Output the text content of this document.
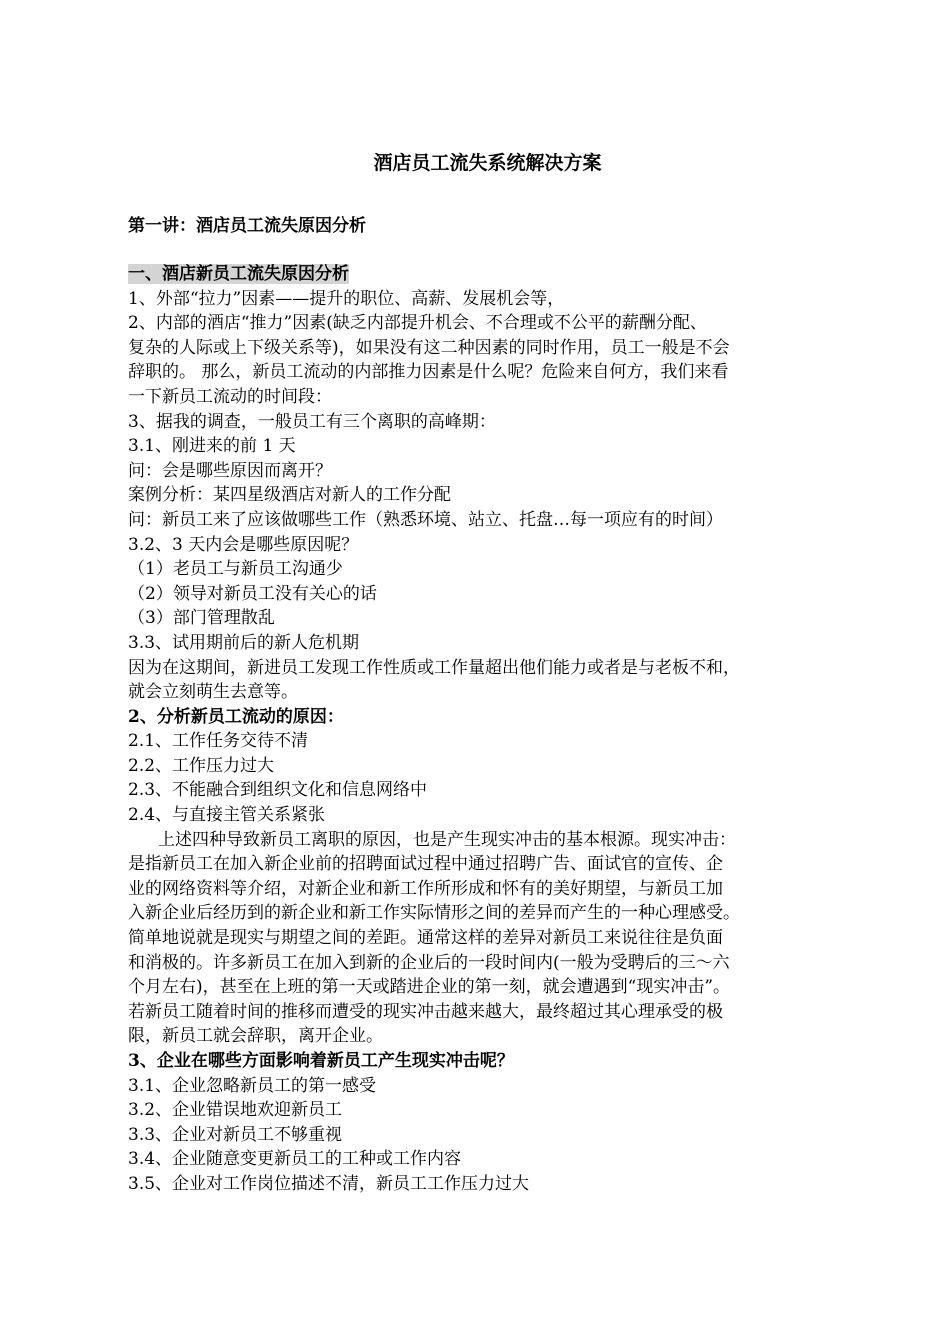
酒店员工流失系统解决方案
第一讲：酒店员工流失原因分析

一、酒店新员工流失原因分析

1、外部“拉力”因素——提升的职位、高薪、发展机会等，

2、内部的酒店“推力”因素(缺乏内部提升机会、不合理或不公平的薪酬分配、

复杂的人际或上下级关系等)，如果没有这二种因素的同时作用，员工一般是不会

辞职的。 那么，新员工流动的内部推力因素是什么呢？危险来自何方，我们来看

一下新员工流动的时间段：

3、据我的调查，一般员工有三个离职的高峰期：

3.1、刚进来的前 1 天

问：会是哪些原因而离开？

案例分析：某四星级酒店对新人的工作分配

问：新员工来了应该做哪些工作（熟悉环境、站立、托盘…每一项应有的时间）

3.2、3 天内会是哪些原因呢？

（1）老员工与新员工沟通少

（2）领导对新员工没有关心的话

（3）部门管理散乱

3.3、试用期前后的新人危机期

因为在这期间，新进员工发现工作性质或工作量超出他们能力或者是与老板不和，

就会立刻萌生去意等。

2、分析新员工流动的原因：

2.1、工作任务交待不清

2.2、工作压力过大

2.3、不能融合到组织文化和信息网络中

2.4、与直接主管关系紧张

上述四种导致新员工离职的原因，也是产生现实冲击的基本根源。现实冲击：

是指新员工在加入新企业前的招聘面试过程中通过招聘广告、面试官的宣传、企

业的网络资料等介绍，对新企业和新工作所形成和怀有的美好期望，与新员工加

入新企业后经历到的新企业和新工作实际情形之间的差异而产生的一种心理感受。

简单地说就是现实与期望之间的差距。通常这样的差异对新员工来说往往是负面

和消极的。许多新员工在加入到新的企业后的一段时间内(一般为受聘后的三～六

个月左右)，甚至在上班的第一天或踏进企业的第一刻，就会遭遇到“现实冲击”。

若新员工随着时间的推移而遭受的现实冲击越来越大，最终超过其心理承受的极

限，新员工就会辞职，离开企业。

3、企业在哪些方面影响着新员工产生现实冲击呢？

3.1、企业忽略新员工的第一感受

3.2、企业错误地欢迎新员工

3.3、企业对新员工不够重视

3.4、企业随意变更新员工的工种或工作内容

3.5、企业对工作岗位描述不清，新员工工作压力过大
